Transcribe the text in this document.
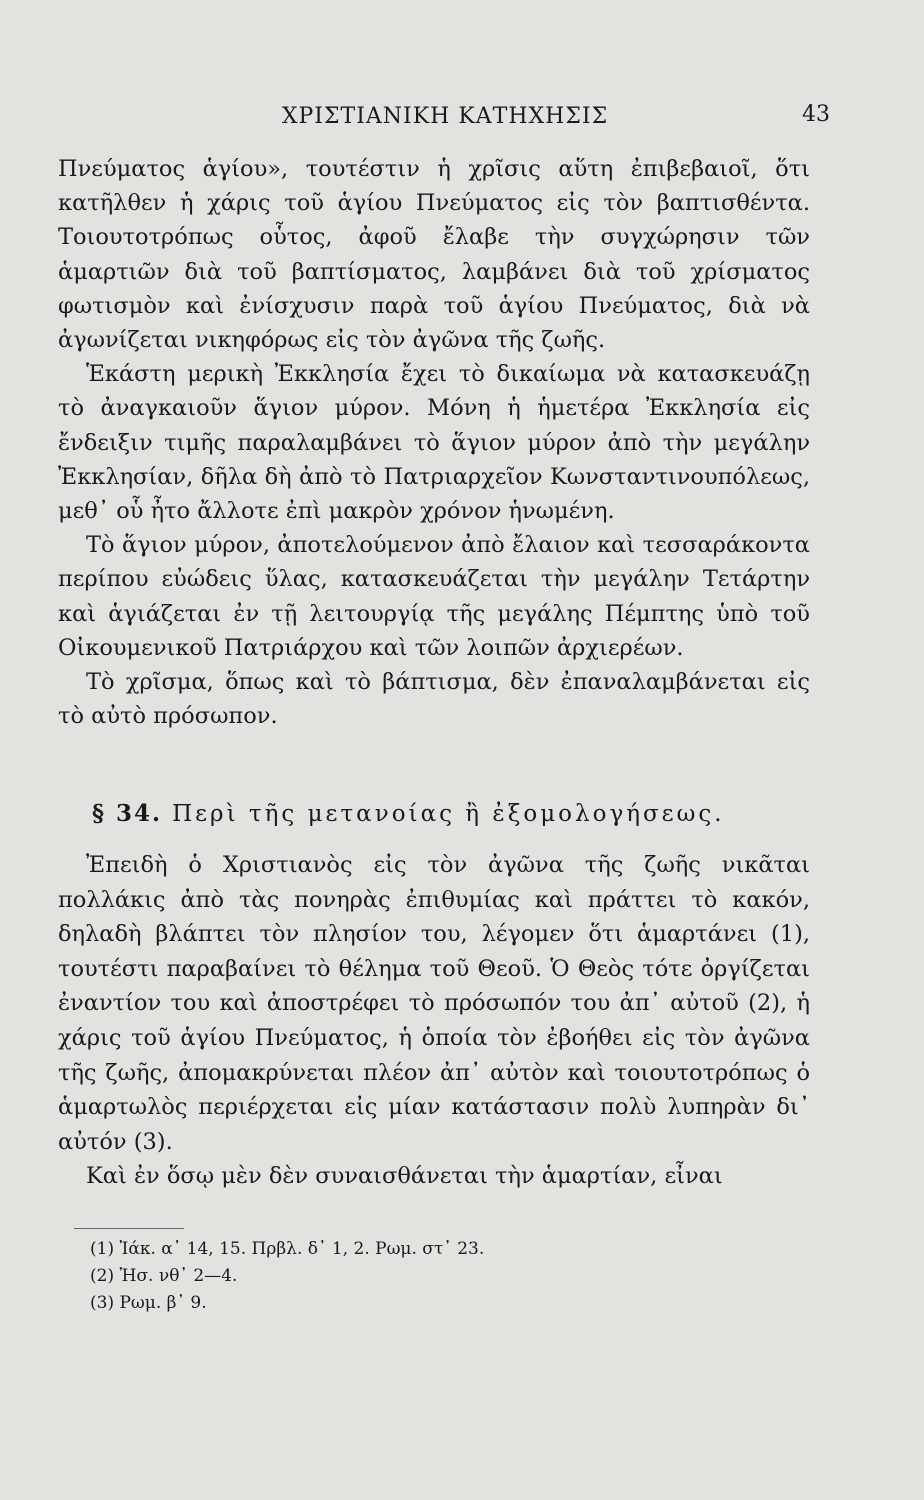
ΧΡΙΣΤΙΑΝΙΚΗ ΚΑΤΗΧΗΣΙΣ	43

Πνεύματος ἁγίου», τουτέστιν ἡ χρῖσις αὕτη ἐπιβεβαιοῖ, ὅτι κατῆλθεν ἡ χάρις τοῦ ἁγίου Πνεύματος εἰς τὸν βαπτισθέντα. Τοιουτοτρόπως οὗτος, ἀφοῦ ἔλαβε τὴν συγχώρησιν τῶν ἁμαρτιῶν διὰ τοῦ βαπτίσματος, λαμβάνει διὰ τοῦ χρίσματος φωτισμὸν καὶ ἐνίσχυσιν παρὰ τοῦ ἁγίου Πνεύματος, διὰ νὰ ἀγωνίζεται νικηφόρως εἰς τὸν ἀγῶνα τῆς ζωῆς.

Ἑκάστη μερικὴ Ἐκκλησία ἔχει τὸ δικαίωμα νὰ κατασκευάζῃ τὸ ἀναγκαιοῦν ἅγιον μύρον. Μόνη ἡ ἡμετέρα Ἐκκλησία εἰς ἔνδειξιν τιμῆς παραλαμβάνει τὸ ἅγιον μύρον ἀπὸ τὴν μεγάλην Ἐκκλησίαν, δῆλα δὴ ἀπὸ τὸ Πατριαρχεῖον Κωνσταντινουπόλεως, μεθ᾽ οὗ ἦτο ἄλλοτε ἐπὶ μακρὸν χρόνον ἡνωμένη.

Τὸ ἅγιον μύρον, ἀποτελούμενον ἀπὸ ἔλαιον καὶ τεσσαράκοντα περίπου εὐώδεις ὕλας, κατασκευάζεται τὴν μεγάλην Τετάρτην καὶ ἁγιάζεται ἐν τῇ λειτουργίᾳ τῆς μεγάλης Πέμπτης ὑπὸ τοῦ Οἰκουμενικοῦ Πατριάρχου καὶ τῶν λοιπῶν ἀρχιερέων.

Τὸ χρῖσμα, ὅπως καὶ τὸ βάπτισμα, δὲν ἐπαναλαμβάνεται εἰς τὸ αὐτὸ πρόσωπον.

§ 34. Περὶ τῆς μετανοίας ἢ ἐξομολογήσεως.

Ἐπειδὴ ὁ Χριστιανὸς εἰς τὸν ἀγῶνα τῆς ζωῆς νικᾶται πολλάκις ἀπὸ τὰς πονηρὰς ἐπιθυμίας καὶ πράττει τὸ κακόν, δηλαδὴ βλάπτει τὸν πλησίον του, λέγομεν ὅτι ἁμαρτάνει (1), τουτέστι παραβαίνει τὸ θέλημα τοῦ Θεοῦ. Ὁ Θεὸς τότε ὀργίζεται ἐναντίον του καὶ ἀποστρέφει τὸ πρόσωπόν του ἀπ᾽ αὐτοῦ (2), ἡ χάρις τοῦ ἁγίου Πνεύματος, ἡ ὁποία τὸν ἐβοήθει εἰς τὸν ἀγῶνα τῆς ζωῆς, ἀπομακρύνεται πλέον ἀπ᾽ αὐτὸν καὶ τοιουτοτρόπως ὁ ἁμαρτωλὸς περιέρχεται εἰς μίαν κατάστασιν πολὺ λυπηρὰν δι᾽ αὐτόν (3).

Καὶ ἐν ὅσῳ μὲν δὲν συναισθάνεται τὴν ἁμαρτίαν, εἶναι

(1) Ἰάκ. α᾽ 14, 15. Πρβλ. δ᾽ 1, 2. Ρωμ. στ᾽ 23.
(2) Ἠσ. νθ᾽ 2—4.
(3) Ρωμ. β᾽ 9.
